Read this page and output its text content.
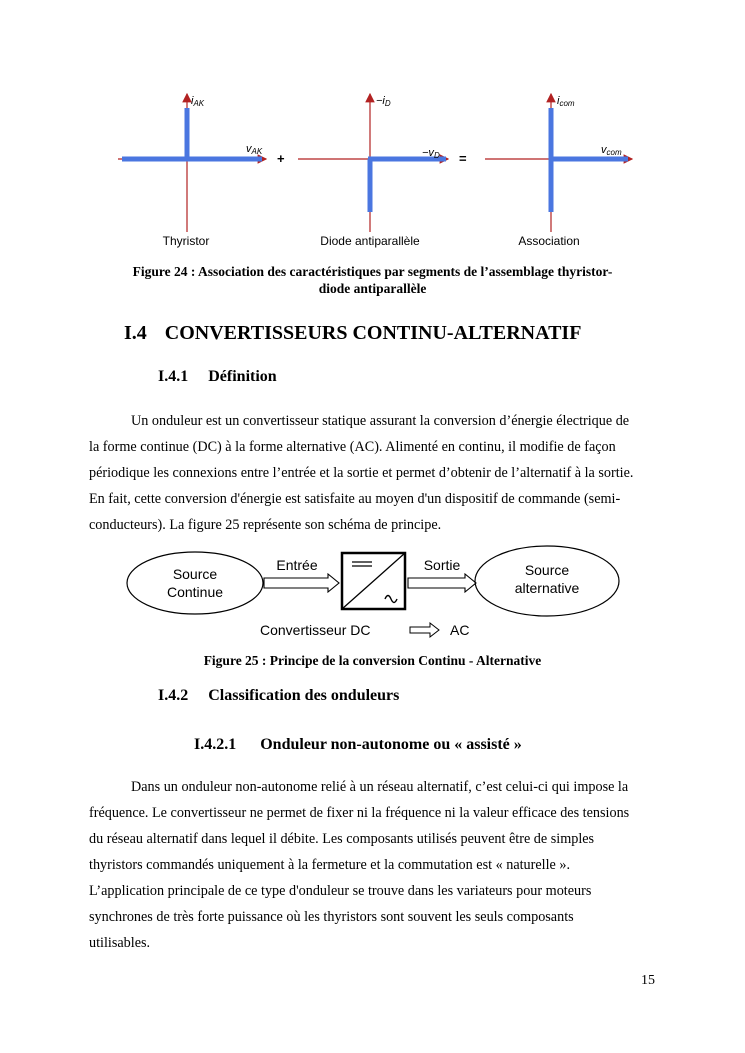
iAK
vAK +
−iD
−vD =
icom
vcom
Thyristor	Diode antiparallèle	Association
Figure 24 : Association des caractéristiques par segments de l’assemblage thyristor-
diode antiparallèle
I.4 CONVERTISSEURS CONTINU-ALTERNATIF
I.4.1 Définition
Un onduleur est un convertisseur statique assurant la conversion d’énergie électrique de
la forme continue (DC) à la forme alternative (AC). Alimenté en continu, il modifie de façon
périodique les connexions entre l’entrée et la sortie et permet d’obtenir de l’alternatif à la sortie.
En fait, cette conversion d'énergie est satisfaite au moyen d'un dispositif de commande (semi-
conducteurs). La figure 25 représente son schéma de principe.
Source
Continue
Entrée	Sortie	Source
alternative
Convertisseur DC	AC
Figure 25 : Principe de la conversion Continu - Alternative
I.4.2 Classification des onduleurs
I.4.2.1 Onduleur non-autonome ou « assisté »
Dans un onduleur non-autonome relié à un réseau alternatif, c’est celui-ci qui impose la
fréquence. Le convertisseur ne permet de fixer ni la fréquence ni la valeur efficace des tensions
du réseau alternatif dans lequel il débite. Les composants utilisés peuvent être de simples
thyristors commandés uniquement à la fermeture et la commutation est « naturelle ».
L’application principale de ce type d'onduleur se trouve dans les variateurs pour moteurs
synchrones de très forte puissance où les thyristors sont souvent les seuls composants
utilisables.
15
